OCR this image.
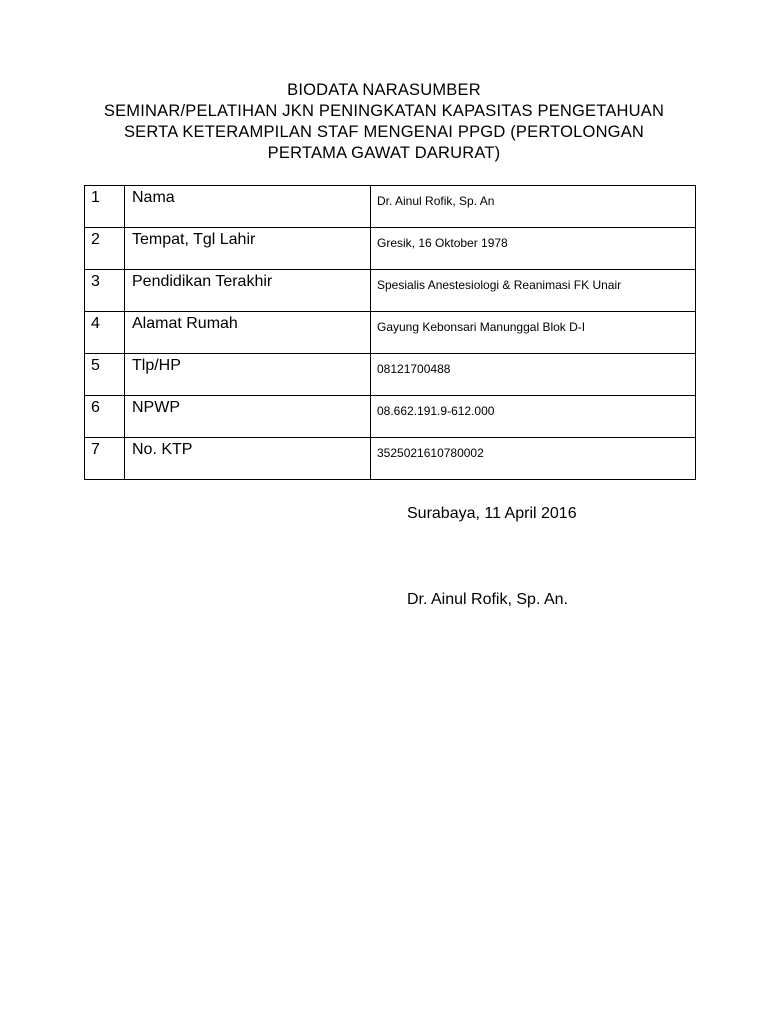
BIODATA NARASUMBER
SEMINAR/PELATIHAN JKN PENINGKATAN KAPASITAS PENGETAHUAN
SERTA KETERAMPILAN STAF MENGENAI PPGD (PERTOLONGAN
PERTAMA GAWAT DARURAT)
1	Nama	Dr. Ainul Rofik, Sp. An
2	Tempat, Tgl Lahir	Gresik, 16 Oktober 1978
3	Pendidikan Terakhir	Spesialis Anestesiologi & Reanimasi FK Unair
4	Alamat Rumah	Gayung Kebonsari Manunggal Blok D-I
5	Tlp/HP	08121700488
6	NPWP	08.662.191.9-612.000
7	No. KTP	3525021610780002
Surabaya, 11 April 2016
Dr. Ainul Rofik, Sp. An.
